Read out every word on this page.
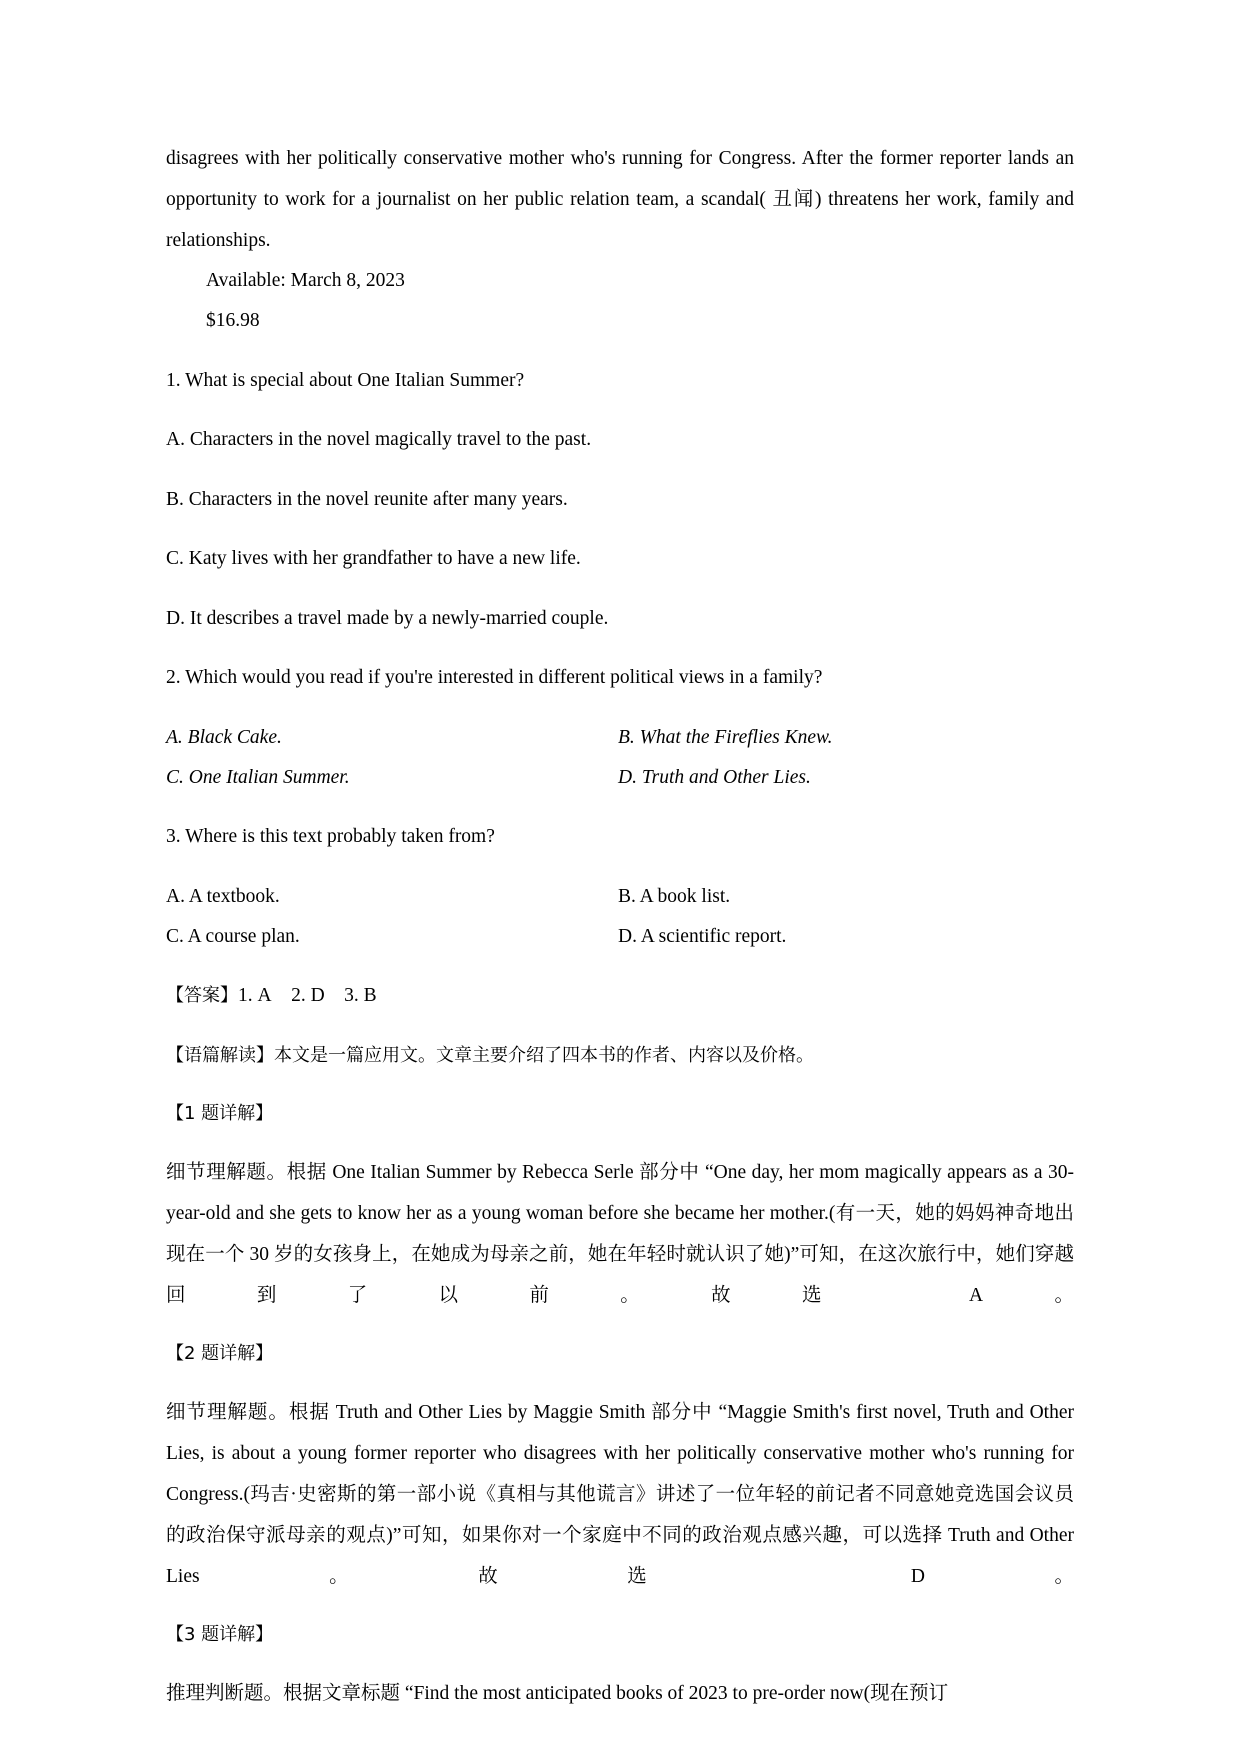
disagrees with her politically conservative mother who's running for Congress. After the former reporter lands an opportunity to work for a journalist on her public relation team, a scandal( 丑闻) threatens her work, family and relationships.

Available: March 8, 2023

$16.98

1. What is special about One Italian Summer?

A. Characters in the novel magically travel to the past.

B. Characters in the novel reunite after many years.

C. Katy lives with her grandfather to have a new life.

D. It describes a travel made by a newly-married couple.

2. Which would you read if you're interested in different political views in a family?

A. Black Cake.	B. What the Fireflies Knew.
C. One Italian Summer.	D. Truth and Other Lies.

3. Where is this text probably taken from?

A. A textbook.	B. A book list.
C. A course plan.	D. A scientific report.

【答案】1. A    2. D    3. B

【语篇解读】本文是一篇应用文。文章主要介绍了四本书的作者、内容以及价格。

【1 题详解】

细节理解题。根据 One Italian Summer by Rebecca Serle 部分中 “One day, her mom magically appears as a 30-year-old and she gets to know her as a young woman before she became her mother.(有一天，她的妈妈神奇地出现在一个 30 岁的女孩身上，在她成为母亲之前，她在年轻时就认识了她)”可知，在这次旅行中，她们穿越回到了以前。故选 A。

【2 题详解】

细节理解题。根据 Truth and Other Lies by Maggie Smith 部分中 “Maggie Smith's first novel, Truth and Other Lies, is about a young former reporter who disagrees with her politically conservative mother who's running for Congress.(玛吉·史密斯的第一部小说《真相与其他谎言》讲述了一位年轻的前记者不同意她竞选国会议员的政治保守派母亲的观点)”可知，如果你对一个家庭中不同的政治观点感兴趣，可以选择 Truth and Other Lies。故选 D。

【3 题详解】

推理判断题。根据文章标题 “Find the most anticipated books of 2023 to pre-order now(现在预订
